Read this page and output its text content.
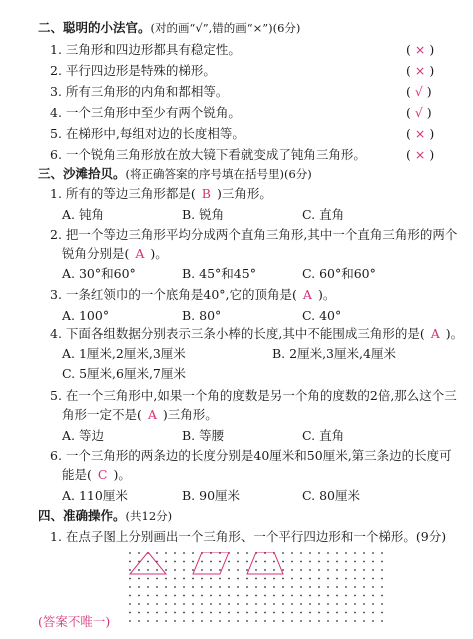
二、聪明的小法官。(对的画“√”,错的画“×”)(6分)
1. 三角形和四边形都具有稳定性。	( × )
2. 平行四边形是特殊的梯形。	( × )
3. 所有三角形的内角和都相等。	( √ )
4. 一个三角形中至少有两个锐角。	( √ )
5. 在梯形中,每组对边的长度相等。	( × )
6. 一个锐角三角形放在放大镜下看就变成了钝角三角形。	( × )
三、沙滩拾贝。(将正确答案的序号填在括号里)(6分)
1. 所有的等边三角形都是( B )三角形。
A. 钝角	B. 锐角	C. 直角
2. 把一个等边三角形平均分成两个直角三角形,其中一个直角三角形的两个
锐角分别是( A )。
A. 30°和60°	B. 45°和45°	C. 60°和60°
3. 一条红领巾的一个底角是40°,它的顶角是( A )。
A. 100°	B. 80°	C. 40°
4. 下面各组数据分别表示三条小棒的长度,其中不能围成三角形的是( A )。
A. 1厘米,2厘米,3厘米	B. 2厘米,3厘米,4厘米
C. 5厘米,6厘米,7厘米
5. 在一个三角形中,如果一个角的度数是另一个角的度数的2倍,那么这个三
角形一定不是( A )三角形。
A. 等边	B. 等腰	C. 直角
6. 一个三角形的两条边的长度分别是40厘米和50厘米,第三条边的长度可
能是( C )。
A. 110厘米	B. 90厘米	C. 80厘米
四、准确操作。(共12分)
1. 在点子图上分别画出一个三角形、一个平行四边形和一个梯形。(9分)
(答案不唯一)
